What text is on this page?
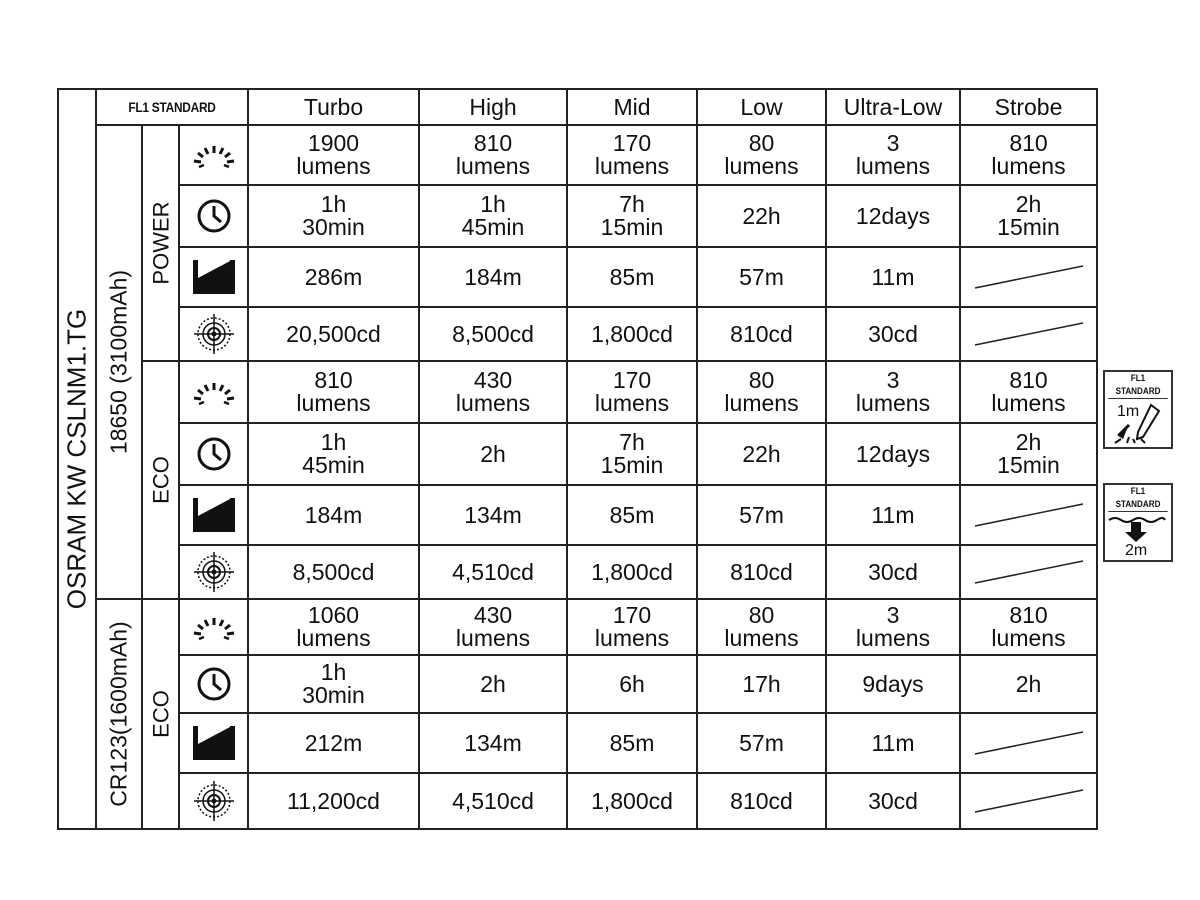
OSRAM KW CSLNM1.TG	FL1 STANDARD			Turbo	High	Mid	Low	Ultra-Low	Strobe

	18650 (3100mAh)	POWER		1900
lumens	810
lumens	170
lumens	80
lumens	3
lumens	810
lumens

	1h
30min	1h
45min	7h
15min	22h	12days	2h
15min

	286m	184m	85m	57m	11m	

	20,500cd	8,500cd	1,800cd	810cd	30cd	

		ECO		810
lumens	430
lumens	170
lumens	80
lumens	3
lumens	810
lumens

	1h
45min	2h	7h
15min	22h	12days	2h
15min

	184m	134m	85m	57m	11m	

	8,500cd	4,510cd	1,800cd	810cd	30cd	

	CR123(1600mAh)	ECO		1060
lumens	430
lumens	170
lumens	80
lumens	3
lumens	810
lumens

	1h
30min	2h	6h	17h	9days	2h

	212m	134m	85m	57m	11m	

	11,200cd	4,510cd	1,800cd	810cd	30cd	
FL1 STANDARD
1m
FL1 STANDARD
2m
